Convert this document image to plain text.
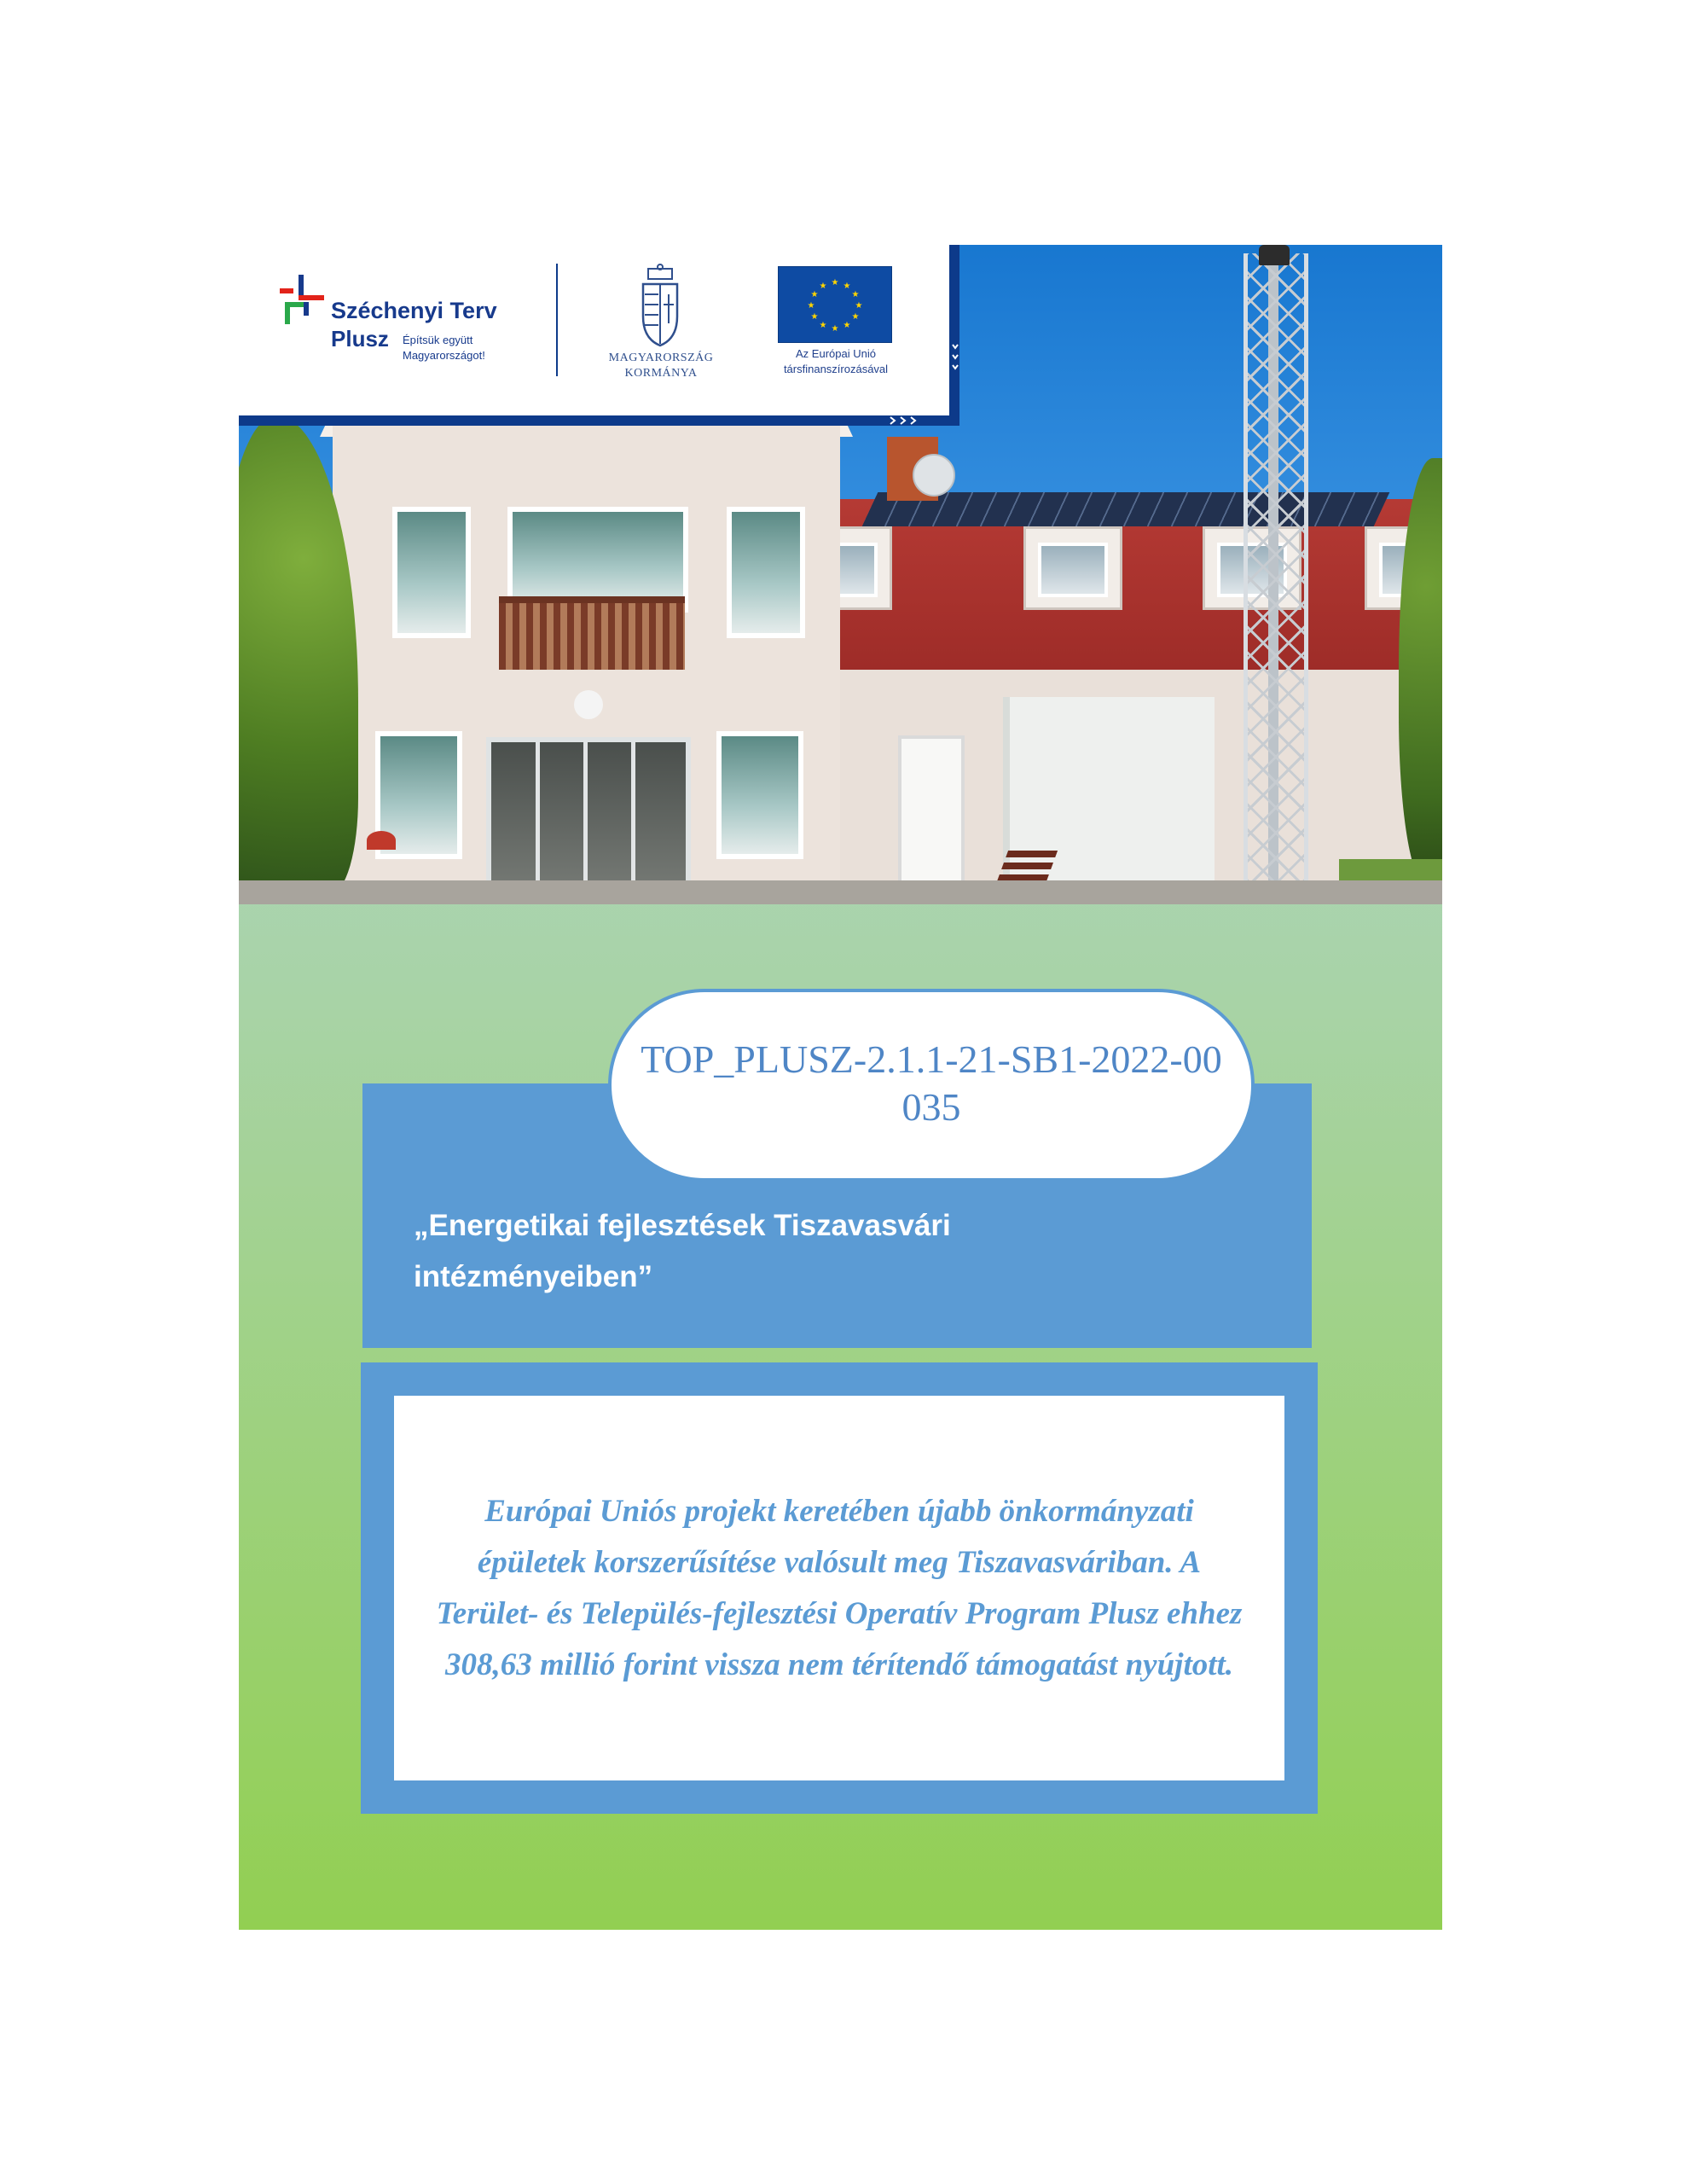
Széchenyi Terv
Plusz Építsük együtt
Magyarországot!	MAGYARORSZÁG
KORMÁNYA
★ ★
★
★
★
★
★
★
★
★
★
★
Az Európai Unió
társfinanszírozásával
TOP_PLUSZ-2.1.1-21-SB1-2022-00035
„Energetikai fejlesztések Tiszavasvári intézményeiben”
Európai Uniós projekt keretében újabb önkormányzati épületek korszerűsítése valósult meg Tiszavasváriban. A Terület- és Település-fejlesztési Operatív Program Plusz ehhez 308,63 millió forint vissza nem térítendő támogatást nyújtott.
